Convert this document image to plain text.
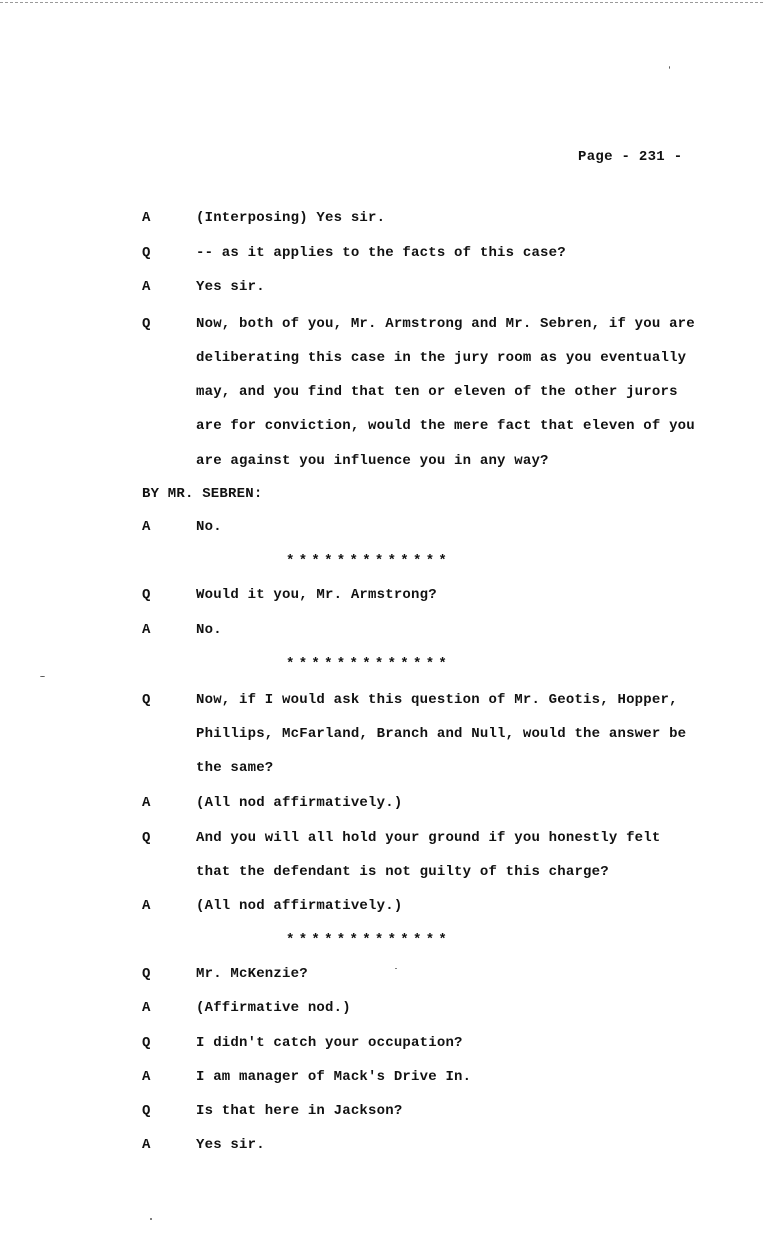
Page - 231 -
A	(Interposing) Yes sir.
Q	-- as it applies to the facts of this case?
A	Yes sir.
Q	Now, both of you, Mr. Armstrong and Mr. Sebren, if you are
deliberating this case in the jury room as you eventually
may, and you find that ten or eleven of the other jurors
are for conviction, would the mere fact that eleven of you
are against you influence you in any way?
BY MR. SEBREN:
A	No.
*************
Q	Would it you, Mr. Armstrong?
A	No.
*************
Q	Now, if I would ask this question of Mr. Geotis, Hopper,
Phillips, McFarland, Branch and Null, would the answer be
the same?
A	(All nod affirmatively.)
Q	And you will all hold your ground if you honestly felt
that the defendant is not guilty of this charge?
A	(All nod affirmatively.)
*************
Q	Mr. McKenzie?
A	(Affirmative nod.)
Q	I didn't catch your occupation?
A	I am manager of Mack's Drive In.
Q	Is that here in Jackson?
A	Yes sir.
